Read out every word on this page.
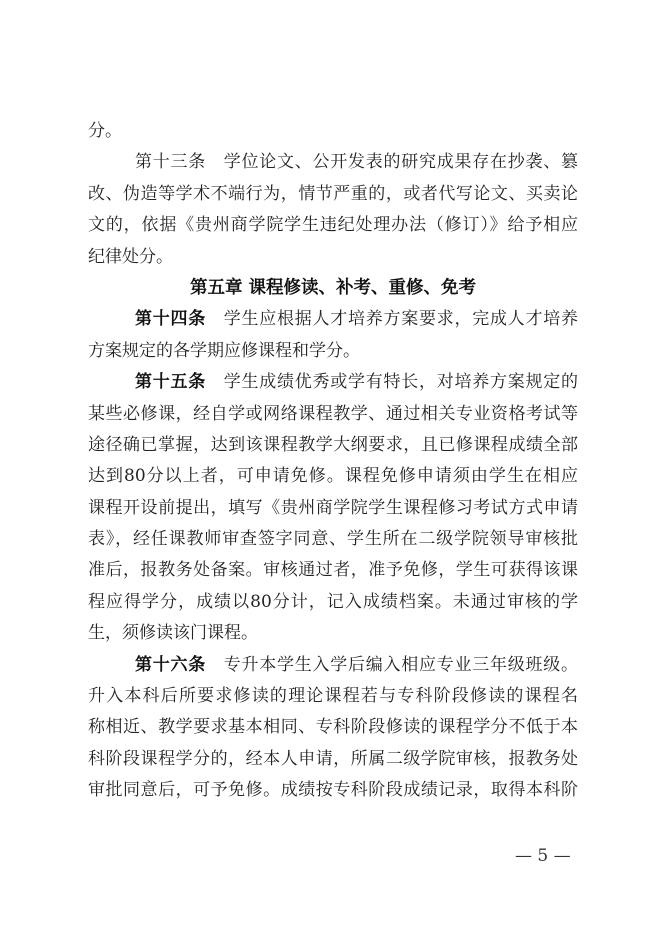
分。
第十三条　学位论文、公开发表的研究成果存在抄袭、篡
改、伪造等学术不端行为，情节严重的，或者代写论文、买卖论
文的，依据《贵州商学院学生违纪处理办法（修订）》给予相应
纪律处分。
第五章 课程修读、补考、重修、免考
第十四条　学生应根据人才培养方案要求，完成人才培养
方案规定的各学期应修课程和学分。
第十五条　学生成绩优秀或学有特长，对培养方案规定的
某些必修课，经自学或网络课程教学、通过相关专业资格考试等
途径确已掌握，达到该课程教学大纲要求，且已修课程成绩全部
达到80分以上者，可申请免修。课程免修申请须由学生在相应
课程开设前提出，填写《贵州商学院学生课程修习考试方式申请
表》，经任课教师审查签字同意、学生所在二级学院领导审核批
准后，报教务处备案。审核通过者，准予免修，学生可获得该课
程应得学分，成绩以80分计，记入成绩档案。未通过审核的学
生，须修读该门课程。
第十六条　专升本学生入学后编入相应专业三年级班级。
升入本科后所要求修读的理论课程若与专科阶段修读的课程名
称相近、教学要求基本相同、专科阶段修读的课程学分不低于本
科阶段课程学分的，经本人申请，所属二级学院审核，报教务处
审批同意后，可予免修。成绩按专科阶段成绩记录，取得本科阶
— 5 —
